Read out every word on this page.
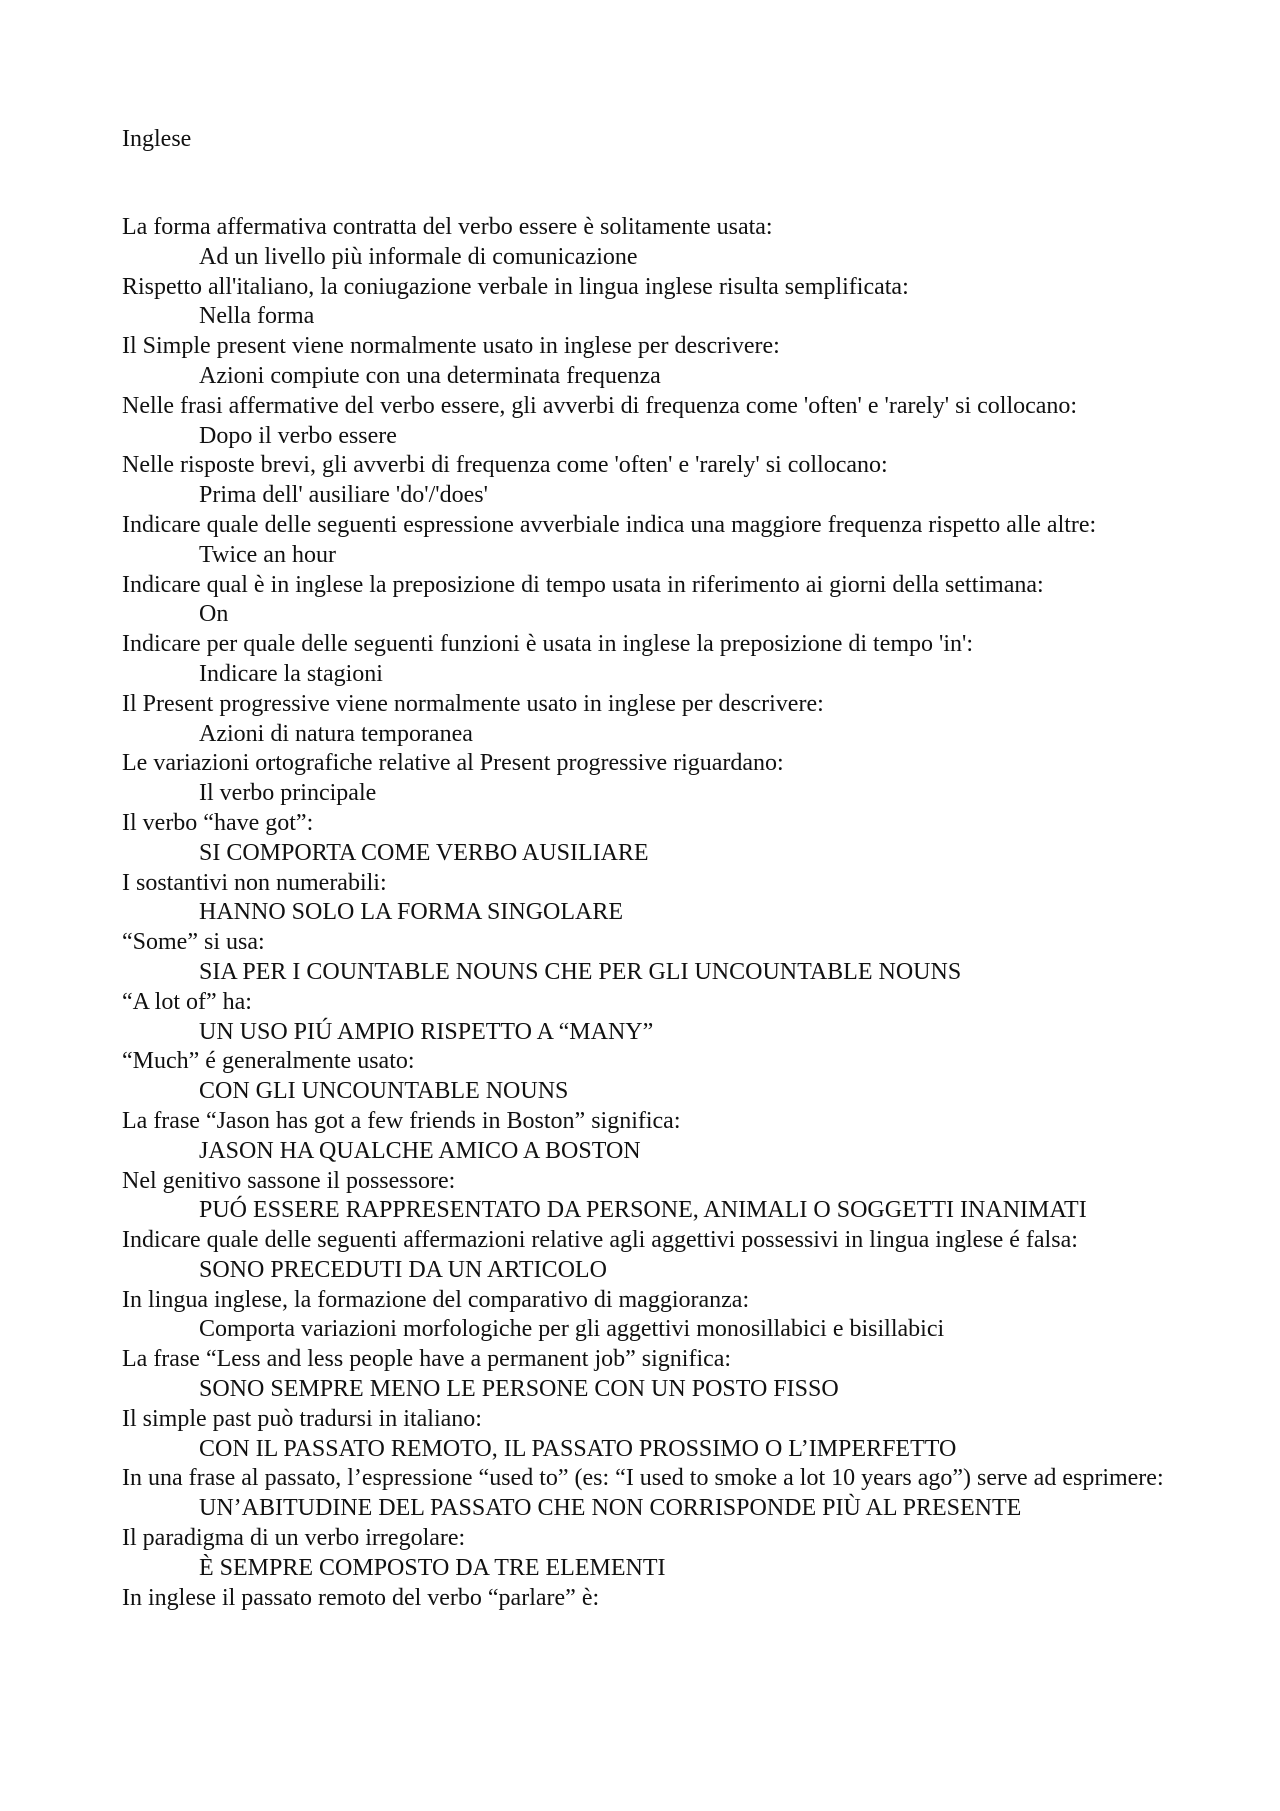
Inglese
La forma affermativa contratta del verbo essere è solitamente usata:
Ad un livello più informale di comunicazione
Rispetto all'italiano, la coniugazione verbale in lingua inglese risulta semplificata:
Nella forma
Il Simple present viene normalmente usato in inglese per descrivere:
Azioni compiute con una determinata frequenza
Nelle frasi affermative del verbo essere, gli avverbi di frequenza come 'often' e 'rarely' si collocano:
Dopo il verbo essere
Nelle risposte brevi, gli avverbi di frequenza come 'often' e 'rarely' si collocano:
Prima dell' ausiliare 'do'/'does'
Indicare quale delle seguenti espressione avverbiale indica una maggiore frequenza rispetto alle altre:
Twice an hour
Indicare qual è in inglese la preposizione di tempo usata in riferimento ai giorni della settimana:
On
Indicare per quale delle seguenti funzioni è usata in inglese la preposizione di tempo 'in':
Indicare la stagioni
Il Present progressive viene normalmente usato in inglese per descrivere:
Azioni di natura temporanea
Le variazioni ortografiche relative al Present progressive riguardano:
Il verbo principale
Il verbo “have got”:
SI COMPORTA COME VERBO AUSILIARE
I sostantivi non numerabili:
HANNO SOLO LA FORMA SINGOLARE
“Some” si usa:
SIA PER I COUNTABLE NOUNS CHE PER GLI UNCOUNTABLE NOUNS
“A lot of” ha:
UN USO PIÚ AMPIO RISPETTO A “MANY”
“Much” é generalmente usato:
CON GLI UNCOUNTABLE NOUNS
La frase “Jason has got a few friends in Boston” significa:
JASON HA QUALCHE AMICO A BOSTON
Nel genitivo sassone il possessore:
PUÓ ESSERE RAPPRESENTATO DA PERSONE, ANIMALI O SOGGETTI INANIMATI
Indicare quale delle seguenti affermazioni relative agli aggettivi possessivi in lingua inglese é falsa:
SONO PRECEDUTI DA UN ARTICOLO
In lingua inglese, la formazione del comparativo di maggioranza:
Comporta variazioni morfologiche per gli aggettivi monosillabici e bisillabici
La frase “Less and less people have a permanent job” significa:
SONO SEMPRE MENO LE PERSONE CON UN POSTO FISSO
Il simple past può tradursi in italiano:
CON IL PASSATO REMOTO, IL PASSATO PROSSIMO O L’IMPERFETTO
In una frase al passato, l’espressione “used to” (es: “I used to smoke a lot 10 years ago”) serve ad esprimere:
UN’ABITUDINE DEL PASSATO CHE NON CORRISPONDE PIÙ AL PRESENTE
Il paradigma di un verbo irregolare:
È SEMPRE COMPOSTO DA TRE ELEMENTI
In inglese il passato remoto del verbo “parlare” è:
